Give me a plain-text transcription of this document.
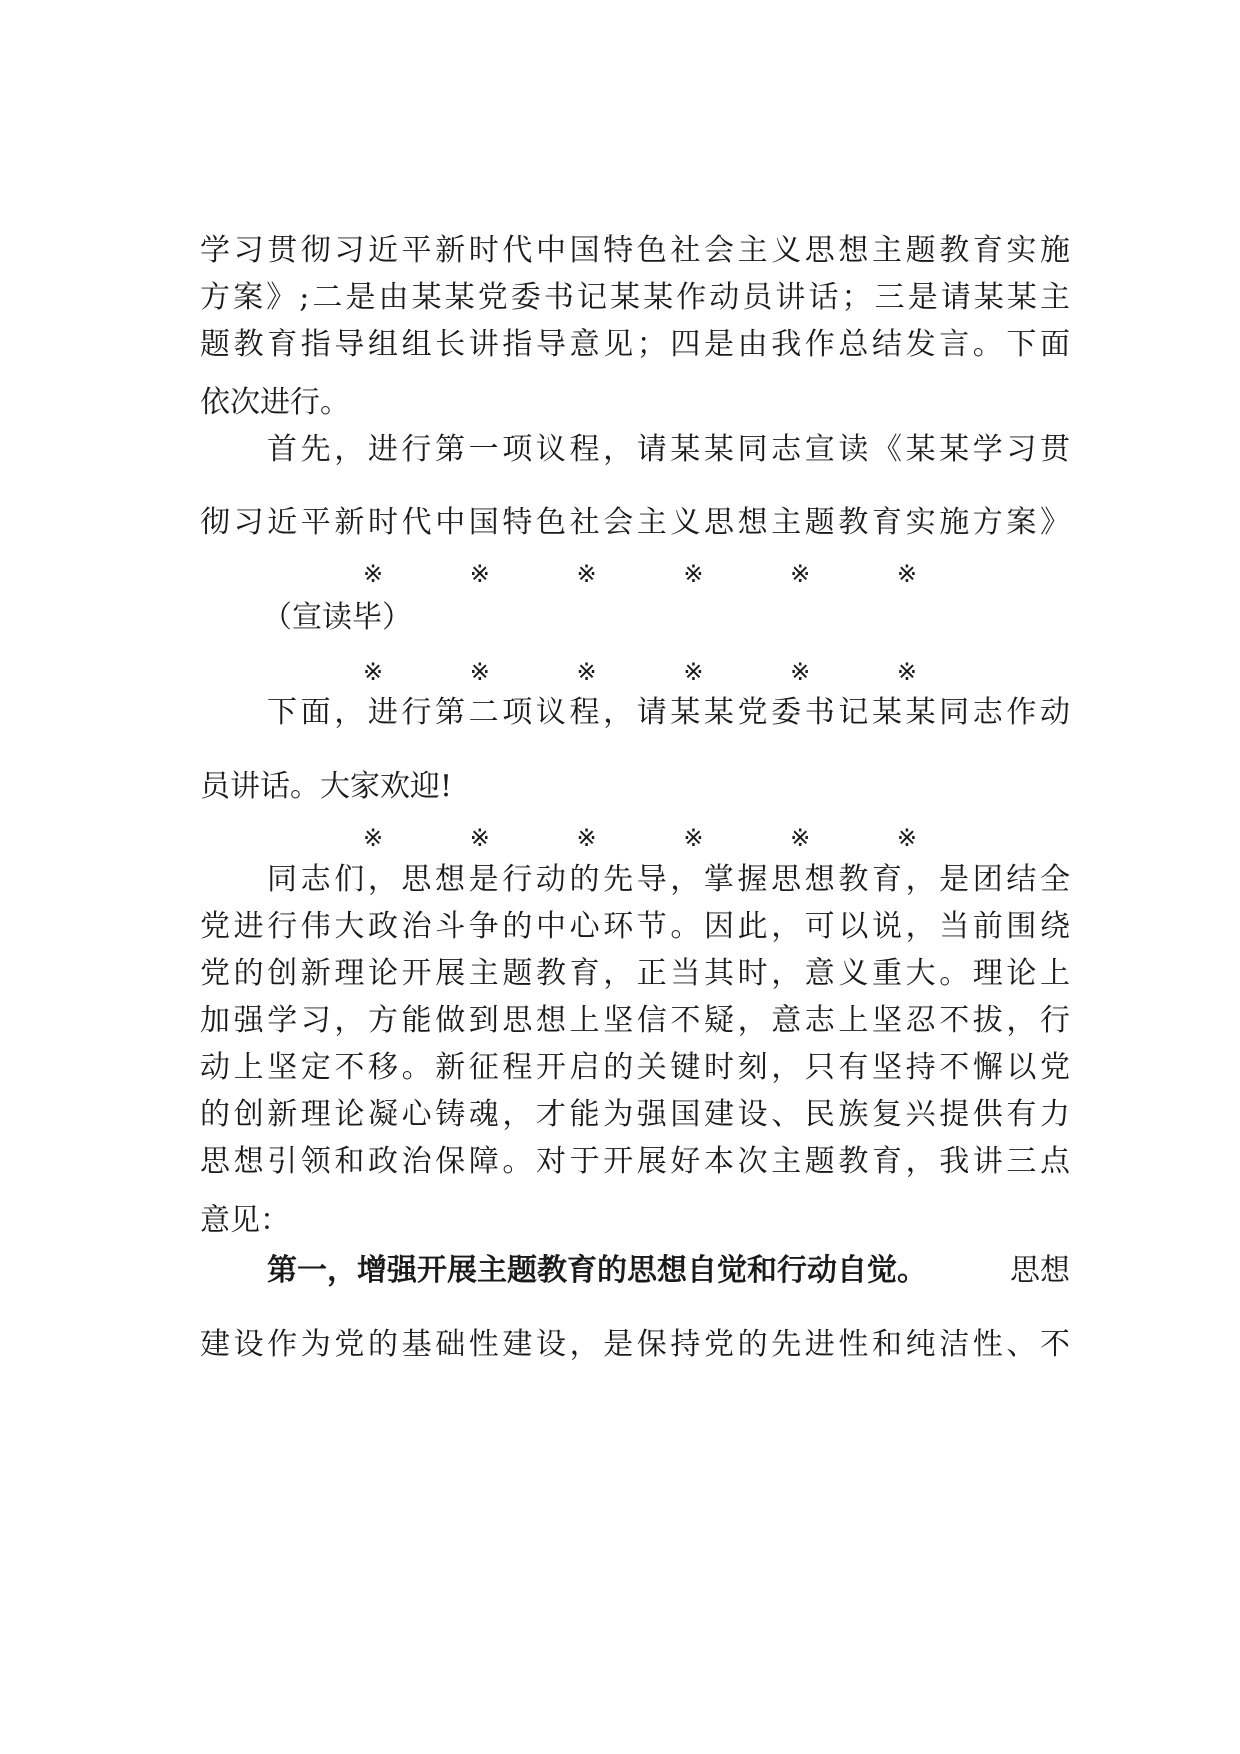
学习贯彻习近平新时代中国特色社会主义思想主题教育实施
方案》;二是由某某党委书记某某作动员讲话；三是请某某主
题教育指导组组长讲指导意见；四是由我作总结发言。下面
依次进行。
首先，进行第一项议程，请某某同志宣读《某某学习贯
彻习近平新时代中国特色社会主义思想主题教育实施方案》
※	※	※	※	※	※
（宣读毕）
※	※	※	※	※	※
下面，进行第二项议程，请某某党委书记某某同志作动
员讲话。大家欢迎!
※	※	※	※	※	※
同志们，思想是行动的先导，掌握思想教育，是团结全
党进行伟大政治斗争的中心环节。因此，可以说，当前围绕
党的创新理论开展主题教育，正当其时，意义重大。理论上
加强学习，方能做到思想上坚信不疑，意志上坚忍不拔，行
动上坚定不移。新征程开启的关键时刻，只有坚持不懈以党
的创新理论凝心铸魂，才能为强国建设、民族复兴提供有力
思想引领和政治保障。对于开展好本次主题教育，我讲三点
意见：
第一，增强开展主题教育的思想自觉和行动自觉。	思想
建设作为党的基础性建设，是保持党的先进性和纯洁性、不
